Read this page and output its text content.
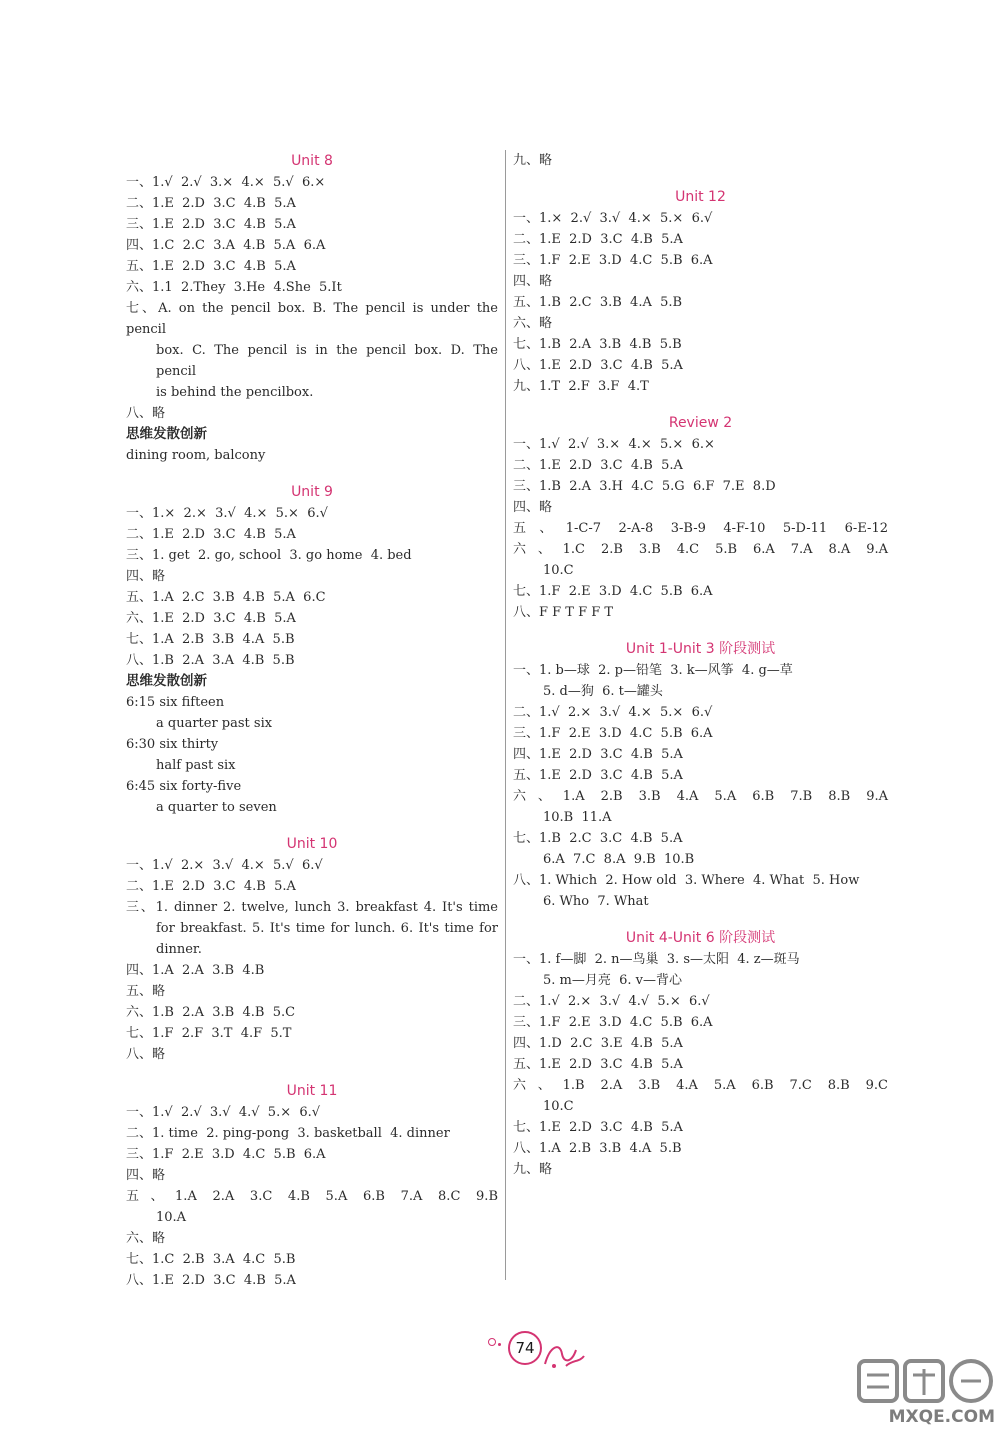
Unit 8
一、1.√  2.√  3.×  4.×  5.√  6.×
二、1.E  2.D  3.C  4.B  5.A
三、1.E  2.D  3.C  4.B  5.A
四、1.C  2.C  3.A  4.B  5.A  6.A
五、1.E  2.D  3.C  4.B  5.A
六、1.1  2.They  3.He  4.She  5.It
七、A. on the pencil box. B. The pencil is under the pencil
box. C. The pencil is in the pencil box. D. The pencil
is behind the pencilbox.
八、略
思维发散创新
dining room, balcony
Unit 9
一、1.×  2.×  3.√  4.×  5.×  6.√
二、1.E  2.D  3.C  4.B  5.A
三、1. get  2. go, school  3. go home  4. bed
四、略
五、1.A  2.C  3.B  4.B  5.A  6.C
六、1.E  2.D  3.C  4.B  5.A
七、1.A  2.B  3.B  4.A  5.B
八、1.B  2.A  3.A  4.B  5.B
思维发散创新
6:15 six fifteen
a quarter past six
6:30 six thirty
half past six
6:45 six forty-five
a quarter to seven
Unit 10
一、1.√  2.×  3.√  4.×  5.√  6.√
二、1.E  2.D  3.C  4.B  5.A
三、1. dinner 2. twelve, lunch 3. breakfast 4. It's time
for breakfast. 5. It's time for lunch. 6. It's time for
dinner.
四、1.A  2.A  3.B  4.B
五、略
六、1.B  2.A  3.B  4.B  5.C
七、1.F  2.F  3.T  4.F  5.T
八、略
Unit 11
一、1.√  2.√  3.√  4.√  5.×  6.√
二、1. time  2. ping-pong  3. basketball  4. dinner
三、1.F  2.E  3.D  4.C  5.B  6.A
四、略
五、1.A 2.A 3.C 4.B 5.A 6.B 7.A 8.C 9.B
10.A
六、略
七、1.C  2.B  3.A  4.C  5.B
八、1.E  2.D  3.C  4.B  5.A
九、略
Unit 12
一、1.×  2.√  3.√  4.×  5.×  6.√
二、1.E  2.D  3.C  4.B  5.A
三、1.F  2.E  3.D  4.C  5.B  6.A
四、略
五、1.B  2.C  3.B  4.A  5.B
六、略
七、1.B  2.A  3.B  4.B  5.B
八、1.E  2.D  3.C  4.B  5.A
九、1.T  2.F  3.F  4.T
Review 2
一、1.√  2.√  3.×  4.×  5.×  6.×
二、1.E  2.D  3.C  4.B  5.A
三、1.B  2.A  3.H  4.C  5.G  6.F  7.E  8.D
四、略
五、1-C-7 2-A-8 3-B-9 4-F-10 5-D-11 6-E-12
六、1.C 2.B 3.B 4.C 5.B 6.A 7.A 8.A 9.A
10.C
七、1.F  2.E  3.D  4.C  5.B  6.A
八、F F T F F T
Unit 1-Unit 3 阶段测试
一、1. b—球  2. p—铅笔  3. k—风筝  4. g—草
5. d—狗  6. t—罐头
二、1.√  2.×  3.√  4.×  5.×  6.√
三、1.F  2.E  3.D  4.C  5.B  6.A
四、1.E  2.D  3.C  4.B  5.A
五、1.E  2.D  3.C  4.B  5.A
六、1.A 2.B 3.B 4.A 5.A 6.B 7.B 8.B 9.A
10.B  11.A
七、1.B  2.C  3.C  4.B  5.A
6.A  7.C  8.A  9.B  10.B
八、1. Which  2. How old  3. Where  4. What  5. How
6. Who  7. What
Unit 4-Unit 6 阶段测试
一、1. f—脚  2. n—鸟巢  3. s—太阳  4. z—斑马
5. m—月亮  6. v—背心
二、1.√  2.×  3.√  4.√  5.×  6.√
三、1.F  2.E  3.D  4.C  5.B  6.A
四、1.D  2.C  3.E  4.B  5.A
五、1.E  2.D  3.C  4.B  5.A
六、1.B 2.A 3.B 4.A 5.A 6.B 7.C 8.B 9.C
10.C
七、1.E  2.D  3.C  4.B  5.A
八、1.A  2.B  3.B  4.A  5.B
九、略
74
MXQE.COM
